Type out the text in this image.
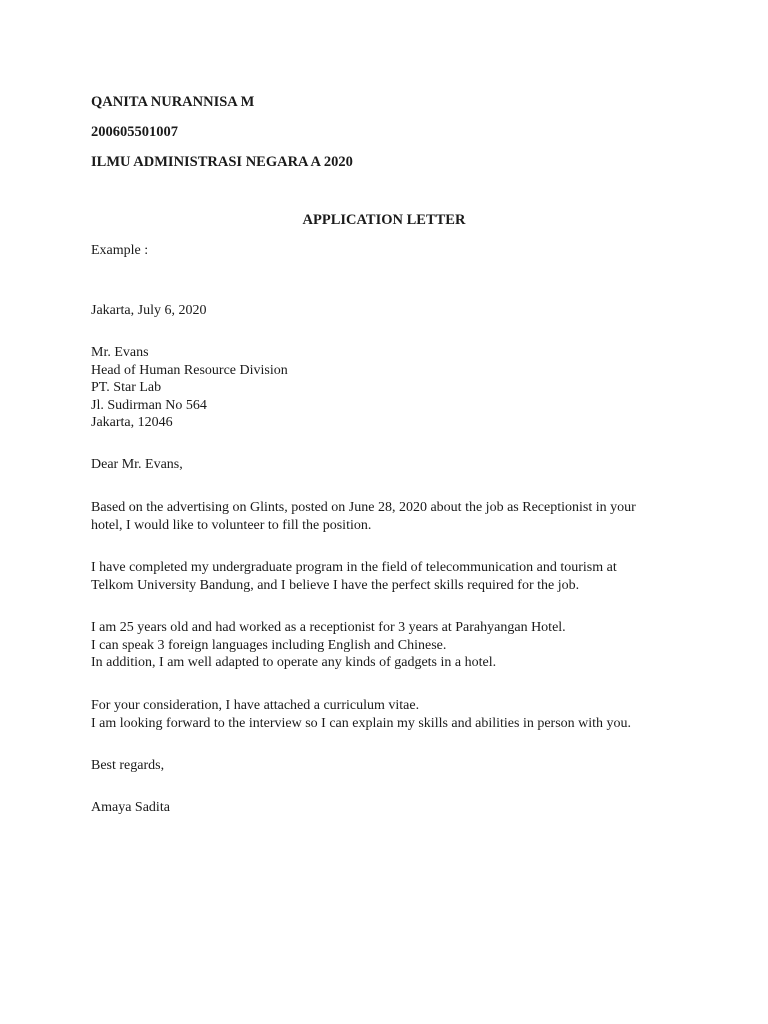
QANITA NURANNISA M
200605501007
ILMU ADMINISTRASI NEGARA A 2020
APPLICATION LETTER
Example :
Jakarta, July 6, 2020
Mr. Evans
Head of Human Resource Division
PT. Star Lab
Jl. Sudirman No 564
Jakarta, 12046
Dear Mr. Evans,
Based on the advertising on Glints, posted on June 28, 2020 about the job as Receptionist in your
hotel, I would like to volunteer to fill the position.
I have completed my undergraduate program in the field of telecommunication and tourism at
Telkom University Bandung, and I believe I have the perfect skills required for the job.
I am 25 years old and had worked as a receptionist for 3 years at Parahyangan Hotel.
I can speak 3 foreign languages including English and Chinese.
In addition, I am well adapted to operate any kinds of gadgets in a hotel.
For your consideration, I have attached a curriculum vitae.
I am looking forward to the interview so I can explain my skills and abilities in person with you.
Best regards,
Amaya Sadita
